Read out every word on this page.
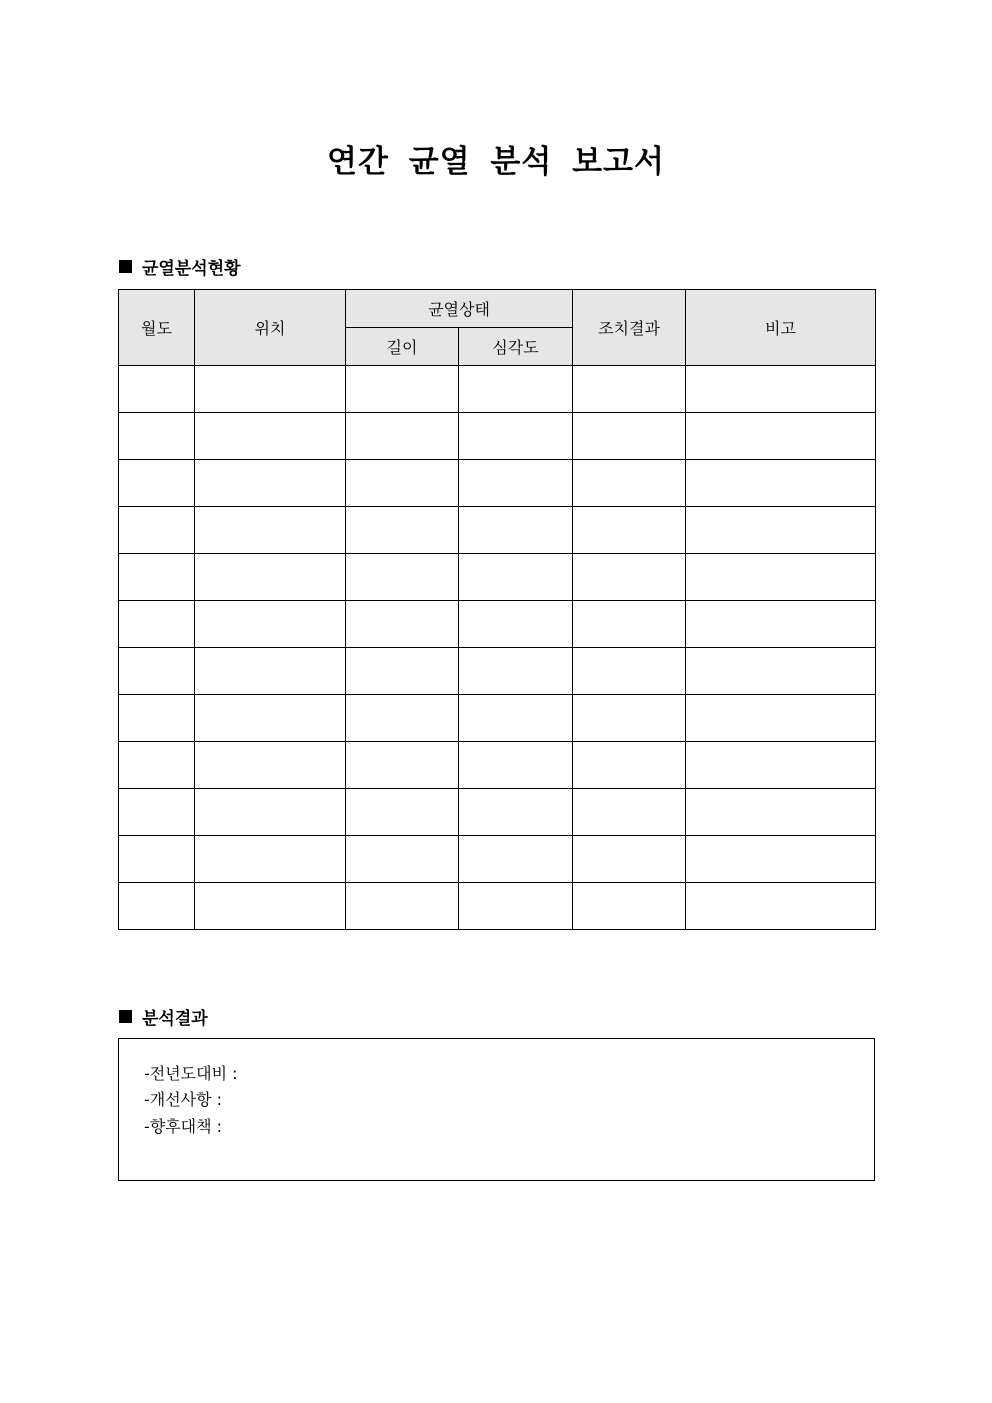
연간 균열 분석 보고서
균열분석현황
월도	위치	균열상태		조치결과	비고
		길이	심각도		

분석결과
-전년도대비 :
-개선사항 :
-향후대책 :
